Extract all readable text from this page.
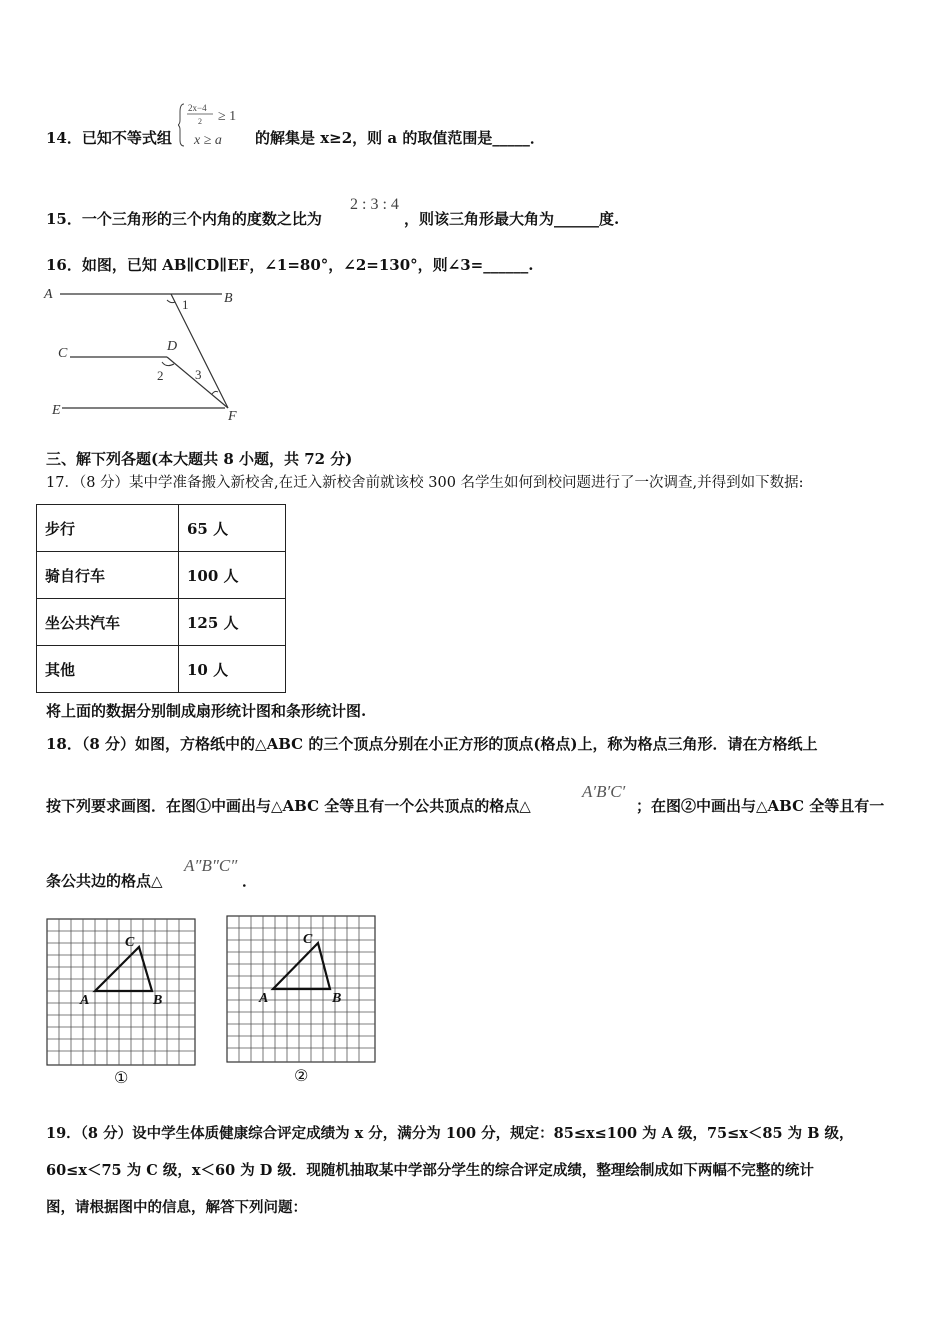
14．已知不等式组
2x−4
2 ≥ 1
x ≥ a 的解集是 x≥2，则 a 的取值范围是_____．
15．一个三角形的三个内角的度数之比为
2 : 3 : 4
，则该三角形最大角为______度.
16．如图，已知 AB∥CD∥EF，∠1=80°，∠2=130°，则∠3=______.
A	B
C	D
E	F
1
2 3
三、解下列各题(本大题共 8 小题，共 72 分)
17．（8 分）某中学准备搬入新校舍,在迁入新校舍前就该校 300 名学生如何到校问题进行了一次调查,并得到如下数据:
步行	65 人
骑自行车	100 人
坐公共汽车	125 人
其他	10 人
将上面的数据分别制成扇形统计图和条形统计图.
18．（8 分）如图，方格纸中的△ABC 的三个顶点分别在小正方形的顶点(格点)上，称为格点三角形．请在方格纸上
按下列要求画图．在图①中画出与△ABC 全等且有一个公共顶点的格点△
A′B′C′
；在图②中画出与△ABC 全等且有一
条公共边的格点△
A″B″C″
．
A	B
C
①
A	B
C
②
19．（8 分）设中学生体质健康综合评定成绩为 x 分，满分为 100 分，规定：85≤x≤100 为 A 级，75≤x＜85 为 B 级，
60≤x＜75 为 C 级，x＜60 为 D 级．现随机抽取某中学部分学生的综合评定成绩，整理绘制成如下两幅不完整的统计
图，请根据图中的信息，解答下列问题：
